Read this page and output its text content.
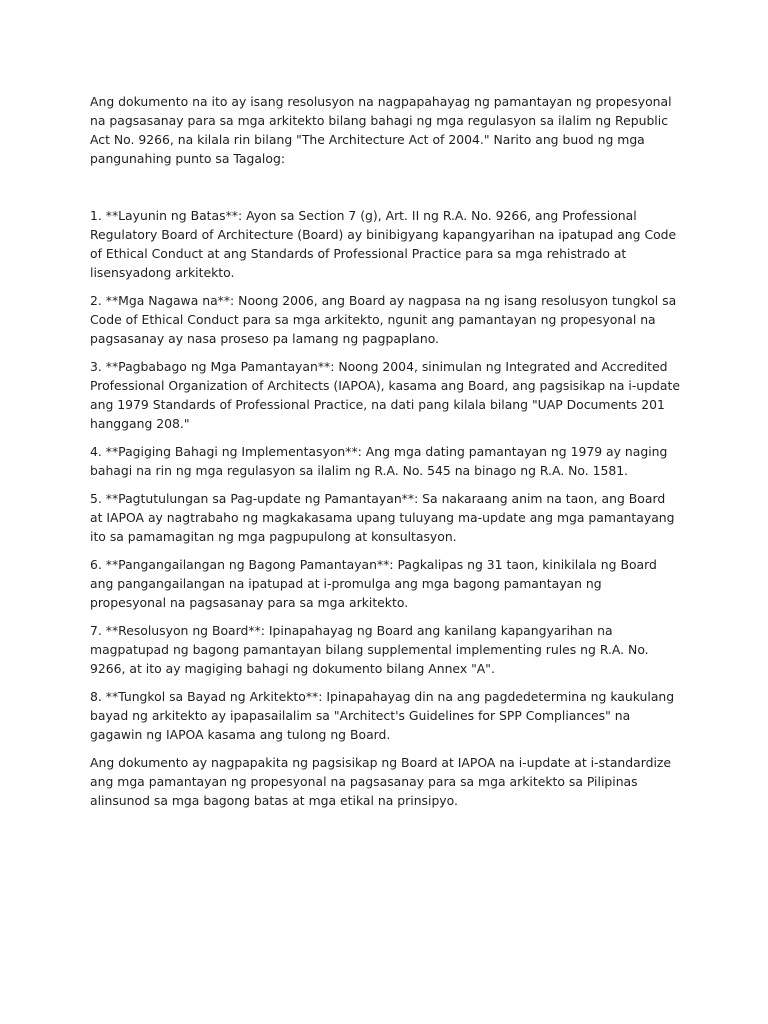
Ang dokumento na ito ay isang resolusyon na nagpapahayag ng pamantayan ng propesyonal na pagsasanay para sa mga arkitekto bilang bahagi ng mga regulasyon sa ilalim ng Republic Act No. 9266, na kilala rin bilang "The Architecture Act of 2004." Narito ang buod ng mga pangunahing punto sa Tagalog:

1. **Layunin ng Batas**: Ayon sa Section 7 (g), Art. II ng R.A. No. 9266, ang Professional Regulatory Board of Architecture (Board) ay binibigyang kapangyarihan na ipatupad ang Code of Ethical Conduct at ang Standards of Professional Practice para sa mga rehistrado at lisensyadong arkitekto.

2. **Mga Nagawa na**: Noong 2006, ang Board ay nagpasa na ng isang resolusyon tungkol sa Code of Ethical Conduct para sa mga arkitekto, ngunit ang pamantayan ng propesyonal na pagsasanay ay nasa proseso pa lamang ng pagpaplano.

3. **Pagbabago ng Mga Pamantayan**: Noong 2004, sinimulan ng Integrated and Accredited Professional Organization of Architects (IAPOA), kasama ang Board, ang pagsisikap na i-update ang 1979 Standards of Professional Practice, na dati pang kilala bilang "UAP Documents 201 hanggang 208."

4. **Pagiging Bahagi ng Implementasyon**: Ang mga dating pamantayan ng 1979 ay naging bahagi na rin ng mga regulasyon sa ilalim ng R.A. No. 545 na binago ng R.A. No. 1581.

5. **Pagtutulungan sa Pag-update ng Pamantayan**: Sa nakaraang anim na taon, ang Board at IAPOA ay nagtrabaho ng magkakasama upang tuluyang ma-update ang mga pamantayang ito sa pamamagitan ng mga pagpupulong at konsultasyon.

6. **Pangangailangan ng Bagong Pamantayan**: Pagkalipas ng 31 taon, kinikilala ng Board ang pangangailangan na ipatupad at i-promulga ang mga bagong pamantayan ng propesyonal na pagsasanay para sa mga arkitekto.

7. **Resolusyon ng Board**: Ipinapahayag ng Board ang kanilang kapangyarihan na magpatupad ng bagong pamantayan bilang supplemental implementing rules ng R.A. No. 9266, at ito ay magiging bahagi ng dokumento bilang Annex "A".

8. **Tungkol sa Bayad ng Arkitekto**: Ipinapahayag din na ang pagdedetermina ng kaukulang bayad ng arkitekto ay ipapasailalim sa "Architect's Guidelines for SPP Compliances" na gagawin ng IAPOA kasama ang tulong ng Board.

Ang dokumento ay nagpapakita ng pagsisikap ng Board at IAPOA na i-update at i-standardize ang mga pamantayan ng propesyonal na pagsasanay para sa mga arkitekto sa Pilipinas alinsunod sa mga bagong batas at mga etikal na prinsipyo.
